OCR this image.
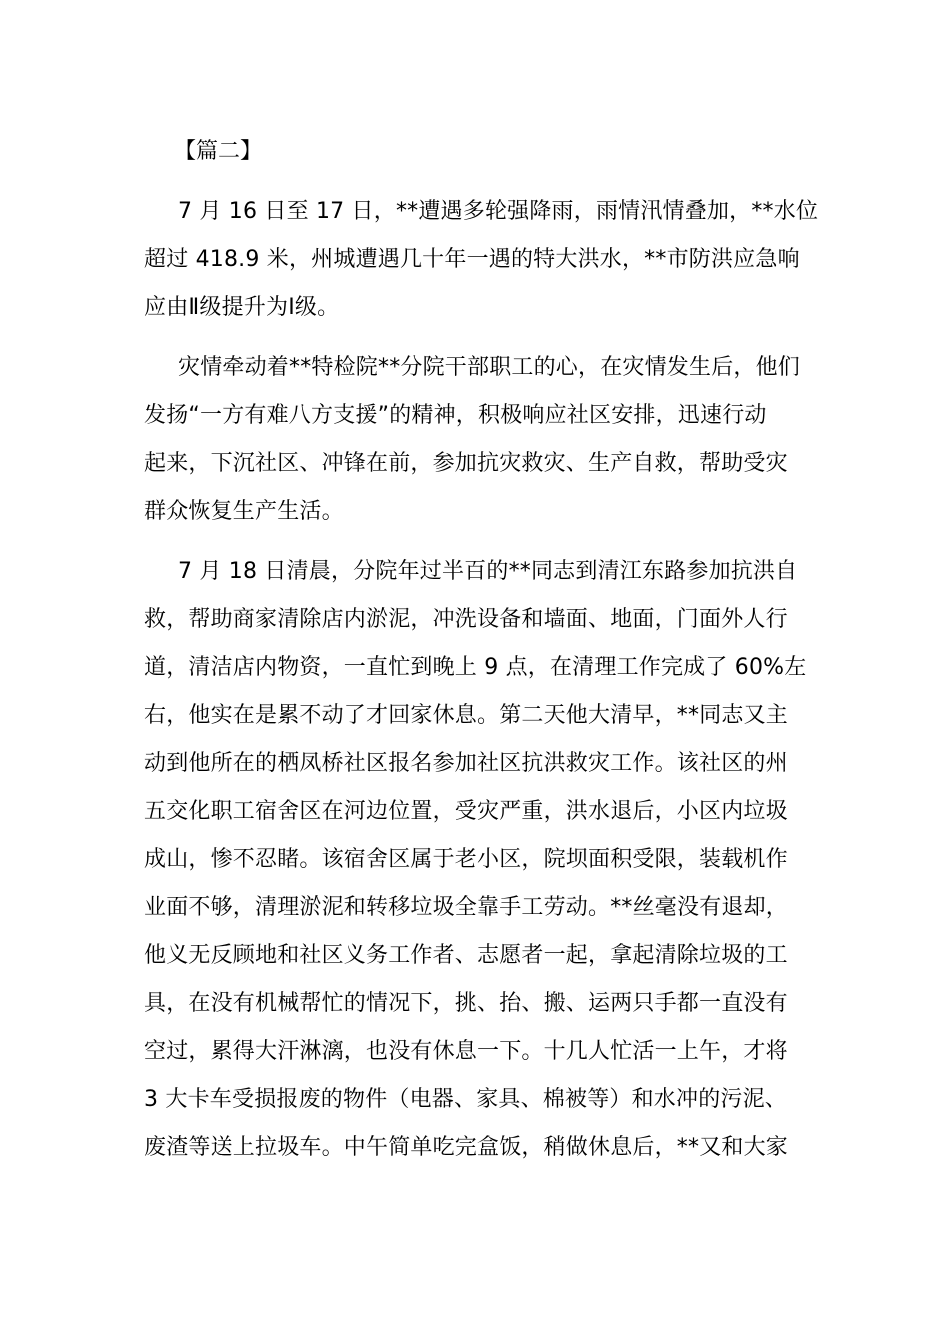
【篇二】

7 月 16 日至 17 日，**遭遇多轮强降雨，雨情汛情叠加，**水位
超过 418.9 米，州城遭遇几十年一遇的特大洪水，**市防洪应急响
应由Ⅱ级提升为Ⅰ级。

灾情牵动着**特检院**分院干部职工的心，在灾情发生后，他们
发扬“一方有难八方支援”的精神，积极响应社区安排，迅速行动
起来，下沉社区、冲锋在前，参加抗灾救灾、生产自救，帮助受灾
群众恢复生产生活。

7 月 18 日清晨，分院年过半百的**同志到清江东路参加抗洪自
救，帮助商家清除店内淤泥，冲洗设备和墙面、地面，门面外人行
道，清洁店内物资，一直忙到晚上 9 点，在清理工作完成了 60%左
右，他实在是累不动了才回家休息。第二天他大清早，**同志又主
动到他所在的栖凤桥社区报名参加社区抗洪救灾工作。该社区的州
五交化职工宿舍区在河边位置，受灾严重，洪水退后，小区内垃圾
成山，惨不忍睹。该宿舍区属于老小区，院坝面积受限，装载机作
业面不够，清理淤泥和转移垃圾全靠手工劳动。**丝毫没有退却，
他义无反顾地和社区义务工作者、志愿者一起，拿起清除垃圾的工
具，在没有机械帮忙的情况下，挑、抬、搬、运两只手都一直没有
空过，累得大汗淋漓，也没有休息一下。十几人忙活一上午，才将
3 大卡车受损报废的物件（电器、家具、棉被等）和水冲的污泥、
废渣等送上拉圾车。中午简单吃完盒饭，稍做休息后，**又和大家
